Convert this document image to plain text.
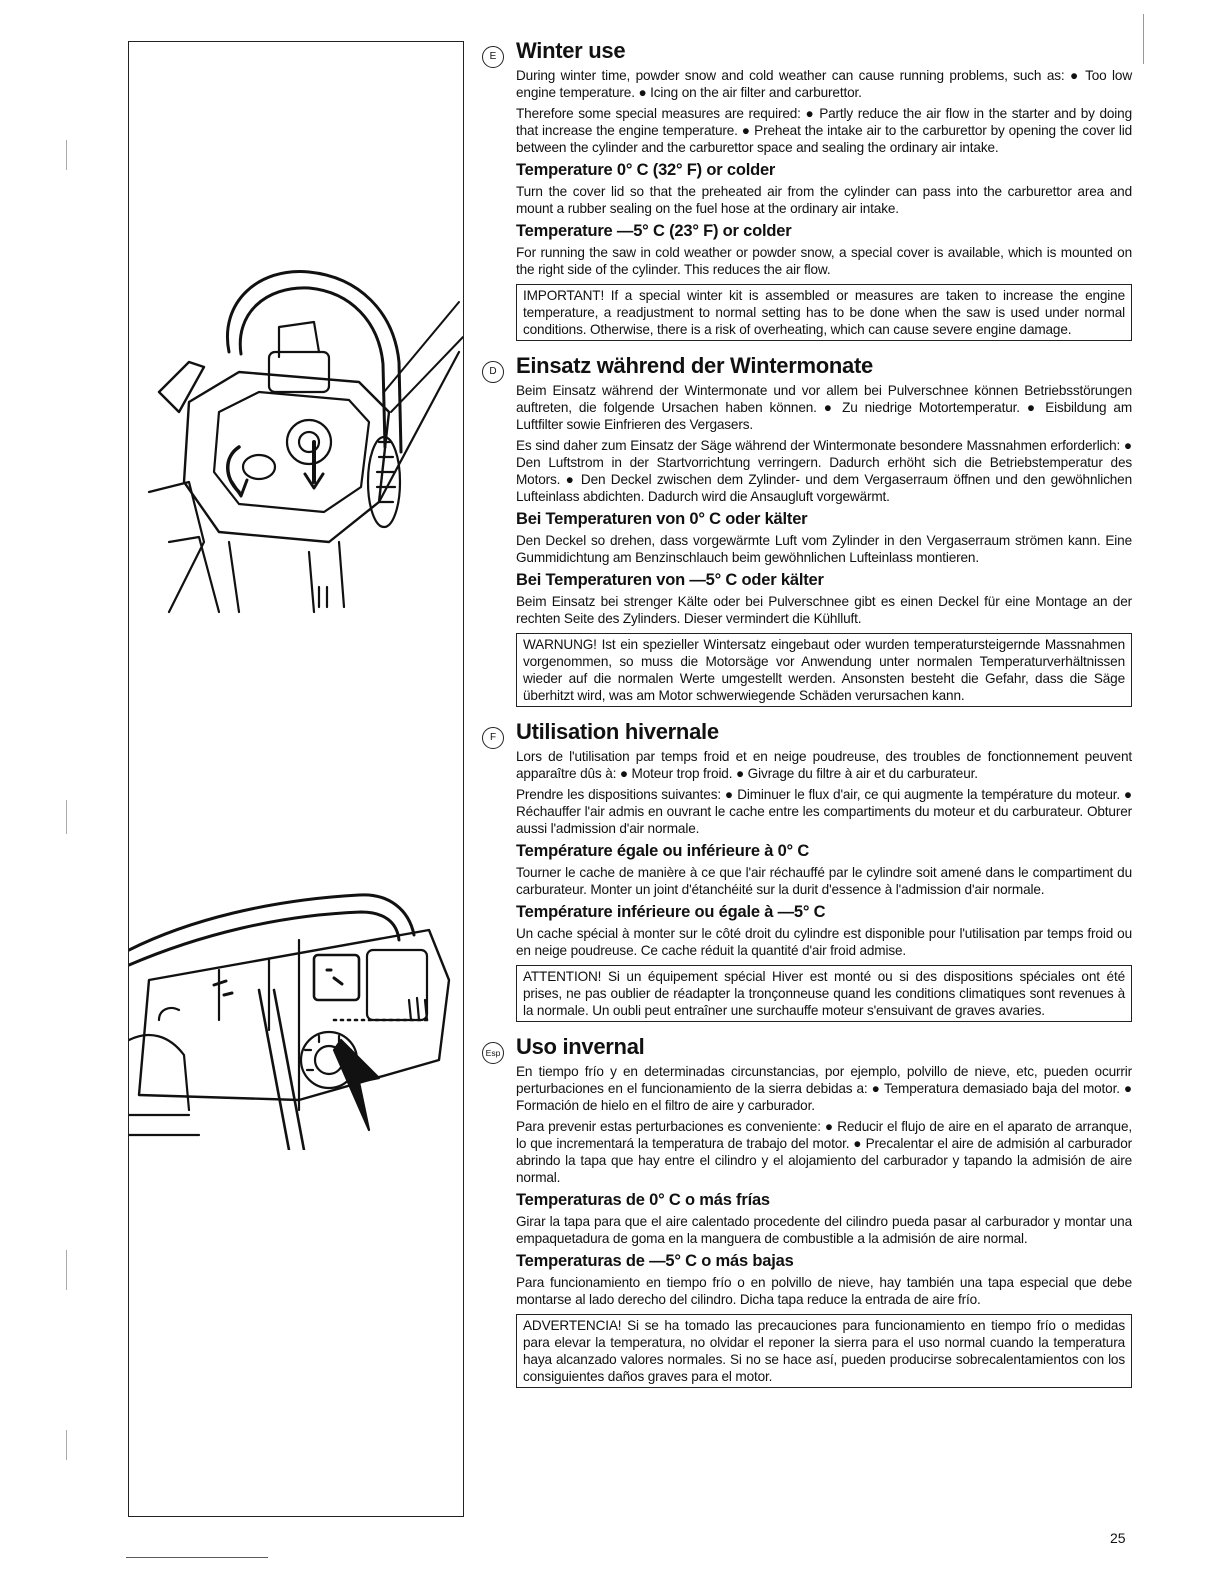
E Winter use

During winter time, powder snow and cold weather can cause running problems, such as: ● Too low engine temperature. ● Icing on the air filter and carburettor.

Therefore some special measures are required: ● Partly reduce the air flow in the starter and by doing that increase the engine temperature. ● Preheat the intake air to the carburettor by opening the cover lid between the cylinder and the carburettor space and sealing the ordinary air intake.

Temperature 0° C (32° F) or colder

Turn the cover lid so that the preheated air from the cylinder can pass into the carburettor area and mount a rubber sealing on the fuel hose at the ordinary air intake.

Temperature —5° C (23° F) or colder

For running the saw in cold weather or powder snow, a special cover is available, which is mounted on the right side of the cylinder. This reduces the air flow.

IMPORTANT! If a special winter kit is assembled or measures are taken to increase the engine temperature, a readjustment to normal setting has to be done when the saw is used under normal conditions. Otherwise, there is a risk of overheating, which can cause severe engine damage.

D Einsatz während der Wintermonate

Beim Einsatz während der Wintermonate und vor allem bei Pulverschnee können Betriebsstörungen auftreten, die folgende Ursachen haben können. ● Zu niedrige Motortemperatur. ● Eisbildung am Luftfilter sowie Einfrieren des Vergasers.

Es sind daher zum Einsatz der Säge während der Wintermonate besondere Massnahmen erforderlich: ● Den Luftstrom in der Startvorrichtung verringern. Dadurch erhöht sich die Betriebstemperatur des Motors. ● Den Deckel zwischen dem Zylinder- und dem Vergaserraum öffnen und den gewöhnlichen Lufteinlass abdichten. Dadurch wird die Ansaugluft vorgewärmt.

Bei Temperaturen von 0° C oder kälter

Den Deckel so drehen, dass vorgewärmte Luft vom Zylinder in den Vergaserraum strömen kann. Eine Gummidichtung am Benzinschlauch beim gewöhnlichen Lufteinlass montieren.

Bei Temperaturen von —5° C oder kälter

Beim Einsatz bei strenger Kälte oder bei Pulverschnee gibt es einen Deckel für eine Montage an der rechten Seite des Zylinders. Dieser vermindert die Kühlluft.

WARNUNG! Ist ein spezieller Wintersatz eingebaut oder wurden temperatursteigernde Massnahmen vorgenommen, so muss die Motorsäge vor Anwendung unter normalen Temperaturverhältnissen wieder auf die normalen Werte umgestellt werden. Ansonsten besteht die Gefahr, dass die Säge überhitzt wird, was am Motor schwerwiegende Schäden verursachen kann.

F Utilisation hivernale

Lors de l'utilisation par temps froid et en neige poudreuse, des troubles de fonctionnement peuvent apparaître dûs à: ● Moteur trop froid. ● Givrage du filtre à air et du carburateur.

Prendre les dispositions suivantes: ● Diminuer le flux d'air, ce qui augmente la température du moteur. ● Réchauffer l'air admis en ouvrant le cache entre les compartiments du moteur et du carburateur. Obturer aussi l'admission d'air normale.

Température égale ou inférieure à 0° C

Tourner le cache de manière à ce que l'air réchauffé par le cylindre soit amené dans le compartiment du carburateur. Monter un joint d'étanchéité sur la durit d'essence à l'admission d'air normale.

Température inférieure ou égale à —5° C

Un cache spécial à monter sur le côté droit du cylindre est disponible pour l'utilisation par temps froid ou en neige poudreuse. Ce cache réduit la quantité d'air froid admise.

ATTENTION! Si un équipement spécial Hiver est monté ou si des dispositions spéciales ont été prises, ne pas oublier de réadapter la tronçonneuse quand les conditions climatiques sont revenues à la normale. Un oubli peut entraîner une surchauffe moteur s'ensuivant de graves avaries.

Esp Uso invernal

En tiempo frío y en determinadas circunstancias, por ejemplo, polvillo de nieve, etc, pueden ocurrir perturbaciones en el funcionamiento de la sierra debidas a: ● Temperatura demasiado baja del motor. ● Formación de hielo en el filtro de aire y carburador.

Para prevenir estas perturbaciones es conveniente: ● Reducir el flujo de aire en el aparato de arranque, lo que incrementará la temperatura de trabajo del motor. ● Precalentar el aire de admisión al carburador abrindo la tapa que hay entre el cilindro y el alojamiento del carburador y tapando la admisión de aire normal.

Temperaturas de 0° C o más frías

Girar la tapa para que el aire calentado procedente del cilindro pueda pasar al carburador y montar una empaquetadura de goma en la manguera de combustible a la admisión de aire normal.

Temperaturas de —5° C o más bajas

Para funcionamiento en tiempo frío o en polvillo de nieve, hay también una tapa especial que debe montarse al lado derecho del cilindro. Dicha tapa reduce la entrada de aire frío.

ADVERTENCIA! Si se ha tomado las precauciones para funcionamiento en tiempo frío o medidas para elevar la temperatura, no olvidar el reponer la sierra para el uso normal cuando la temperatura haya alcanzado valores normales. Si no se hace así, pueden producirse sobrecalentamientos con los consiguientes daños graves para el motor.

25
